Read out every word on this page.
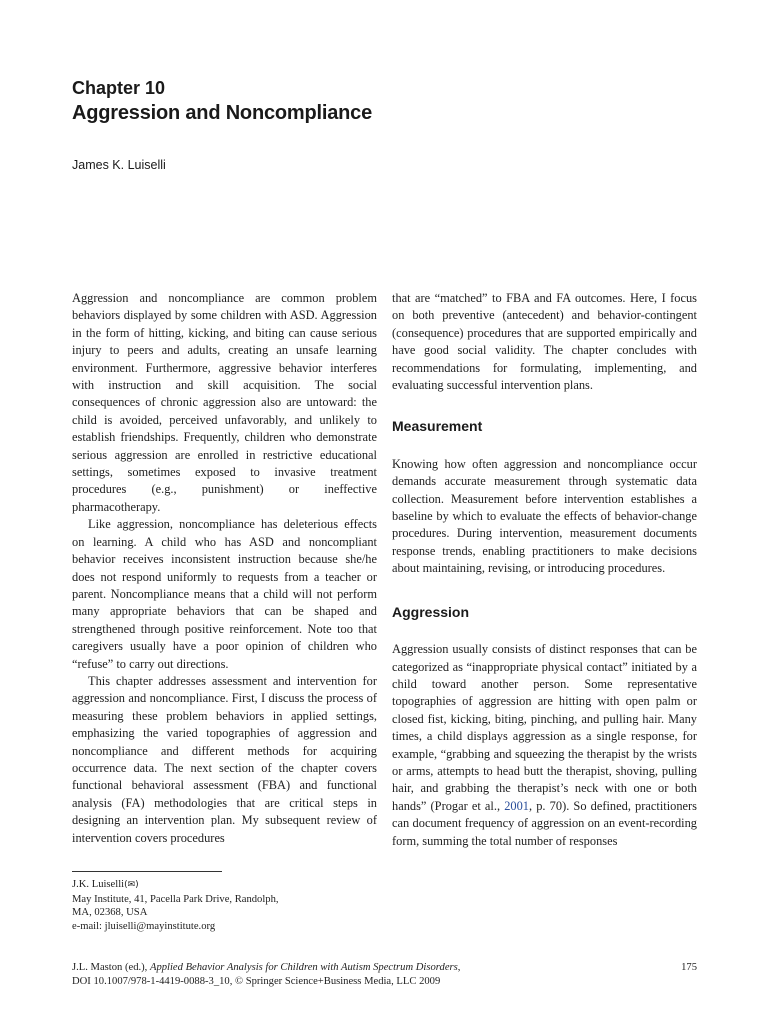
Chapter 10
Aggression and Noncompliance
James K. Luiselli

Aggression and noncompliance are common problem behaviors displayed by some children with ASD. Aggression in the form of hitting, kicking, and biting can cause serious injury to peers and adults, creating an unsafe learning environment. Furthermore, aggressive behavior interferes with instruction and skill acquisition. The social consequences of chronic aggression also are untoward: the child is avoided, perceived unfavorably, and unlikely to establish friendships. Frequently, children who demonstrate serious aggression are enrolled in restrictive educational settings, sometimes exposed to invasive treatment procedures (e.g., punishment) or ineffective pharmacotherapy.

Like aggression, noncompliance has deleterious effects on learning. A child who has ASD and noncompliant behavior receives inconsistent instruction because she/he does not respond uniformly to requests from a teacher or parent. Noncompliance means that a child will not perform many appropriate behaviors that can be shaped and strengthened through positive reinforcement. Note too that caregivers usually have a poor opinion of children who “refuse” to carry out directions.

This chapter addresses assessment and intervention for aggression and noncompliance. First, I discuss the process of measuring these problem behaviors in applied settings, emphasizing the varied topographies of aggression and noncompliance and different methods for acquiring occurrence data. The next section of the chapter covers functional behavioral assessment (FBA) and functional analysis (FA) methodologies that are critical steps in designing an intervention plan. My subsequent review of intervention covers procedures

that are “matched” to FBA and FA outcomes. Here, I focus on both preventive (antecedent) and behavior-contingent (consequence) procedures that are supported empirically and have good social validity. The chapter concludes with recommendations for formulating, implementing, and evaluating successful intervention plans.

Measurement

Knowing how often aggression and noncompliance occur demands accurate measurement through systematic data collection. Measurement before intervention establishes a baseline by which to evaluate the effects of behavior-change procedures. During intervention, measurement documents response trends, enabling practitioners to make decisions about maintaining, revising, or introducing procedures.

Aggression

Aggression usually consists of distinct responses that can be categorized as “inappropriate physical contact” initiated by a child toward another person. Some representative topographies of aggression are hitting with open palm or closed fist, kicking, biting, pinching, and pulling hair. Many times, a child displays aggression as a single response, for example, “grabbing and squeezing the therapist by the wrists or arms, attempts to head butt the therapist, shoving, pulling hair, and grabbing the therapist’s neck with one or both hands” (Progar et al., 2001, p. 70). So defined, practitioners can document frequency of aggression on an event-recording form, summing the total number of responses

J.K. Luiselli(✉)
May Institute, 41, Pacella Park Drive, Randolph,
MA, 02368, USA
e-mail: jluiselli@mayinstitute.org
J.L. Maston (ed.), Applied Behavior Analysis for Children with Autism Spectrum Disorders,	175
DOI 10.1007/978-1-4419-0088-3_10, © Springer Science+Business Media, LLC 2009
